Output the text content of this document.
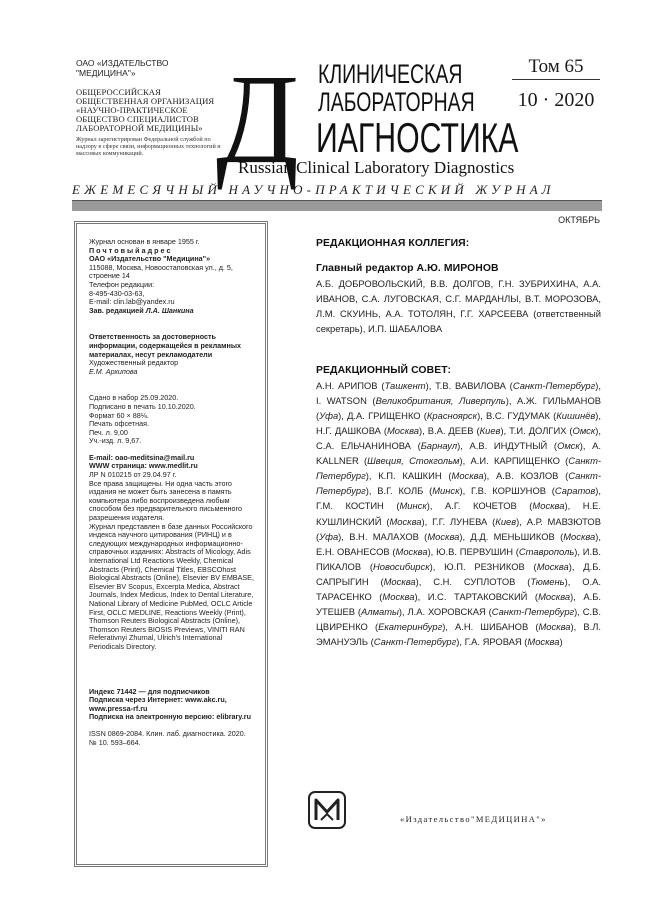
ОАО «ИЗДАТЕЛЬСТВО "МЕДИЦИНА"»
ОБЩЕРОССИЙСКАЯ ОБЩЕСТВЕННАЯ ОРГАНИЗАЦИЯ «НАУЧНО-ПРАКТИЧЕСКОЕ ОБЩЕСТВО СПЕЦИАЛИСТОВ ЛАБОРАТОРНОЙ МЕДИЦИНЫ»
Журнал зарегистрирован Федеральной службой по надзору в сфере связи, информационных технологий и массовых коммуникаций. Д КЛИНИЧЕСКАЯ
ЛАБОРАТОРНАЯ
ИАГНОСТИКА
Russian Clinical Laboratory Diagnostics
Том 65
10 · 2020
ЕЖЕМЕСЯЧНЫЙ НАУЧНО-ПРАКТИЧЕСКИЙ ЖУРНАЛ
ОКТЯБРЬ
Журнал основан в январе 1955 г.
П о ч т о в ы й а д р е с
ОАО «Издательство "Медицина"»
115088, Москва, Новоостаповская ул., д. 5, строение 14
Телефон редакции:
8-495-430-03-63,
E-mail: clin.lab@yandex.ru
Зав. редакцией Л.А. Шанкина
Ответственность за достоверность информации, содержащейся в рекламных материалах, несут рекламодатели
Художественный редактор
Е.М. Архипова
Сдано в набор 25.09.2020.
Подписано в печать 10.10.2020.
Формат 60 × 88⅛.
Печать офсетная.
Печ. л. 9,00
Уч.-изд. л. 9,67.
E-mail: oao-meditsina@mail.ru
WWW страница: www.medlit.ru
ЛР N 010215 от 29.04.97 г.
Все права защищены. Ни одна часть этого издания не может быть занесена в память компьютера либо воспроизведена любым способом без предварительного письменного разрешения издателя.
Журнал представлен в базе данных Российского индекса научного цитирования (РИНЦ) и в следующих международных информационно-справочных изданиях: Abstracts of Micology, Adis International Ltd Reactions Weekly, Chemical Abstracts (Print), Chemical Titles, EBSCOhost Biological Abstracts (Online), Elsevier BV EMBASE, Elsevier BV Scopus, Excerpta Medica, Abstract Journals, Index Medicus, Index to Dental Literature, National Library of Medicine PubMed, OCLC Article First, OCLC MEDLINE, Reactions Weekly (Print), Thomson Reuters Biological Abstracts (Online), Thomson Reuters BIOSIS Previews, VINITI RAN Referativnyi Zhurnal, Ulrich's International Periodicals Directory.
Индекс 71442 — для подписчиков
Подписка через Интернет: www.akc.ru, www.pressa-rf.ru
Подписка на электронную версию: elibrary.ru
ISSN 0869-2084. Клин. лаб. диагностика. 2020. № 10. 593–664.
РЕДАКЦИОННАЯ КОЛЛЕГИЯ:
Главный редактор А.Ю. МИРОНОВ
А.Б. ДОБРОВОЛЬСКИЙ, В.В. ДОЛГОВ, Г.Н. ЗУБРИХИНА, А.А. ИВАНОВ, С.А. ЛУГОВСКАЯ, С.Г. МАРДАНЛЫ, В.Т. МОРОЗОВА, Л.М. СКУИНЬ, А.А. ТОТОЛЯН, Г.Г. ХАРСЕЕВА (ответственный секретарь), И.П. ШАБАЛОВА
РЕДАКЦИОННЫЙ СОВЕТ:
А.Н. АРИПОВ (Ташкент), Т.В. ВАВИЛОВА (Санкт-Петербург), I. WATSON (Великобритания, Ливерпуль), А.Ж. ГИЛЬМАНОВ (Уфа), Д.А. ГРИЩЕНКО (Красноярск), В.С. ГУДУМАК (Кишинёв), Н.Г. ДАШКОВА (Москва), В.А. ДЕЕВ (Киев), Т.И. ДОЛГИХ (Омск), С.А. ЕЛЬЧАНИНОВА (Барнаул), А.В. ИНДУТНЫЙ (Омск), A. KALLNER (Швеция, Стокгольм), А.И. КАРПИЩЕНКО (Санкт-Петербург), К.П. КАШКИН (Москва), А.В. КОЗЛОВ (Санкт-Петербург), В.Г. КОЛБ (Минск), Г.В. КОРШУНОВ (Саратов), Г.М. КОСТИН (Минск), А.Г. КОЧЕТОВ (Москва), Н.Е. КУШЛИНСКИЙ (Москва), Г.Г. ЛУНЕВА (Киев), А.Р. МАВЗЮТОВ (Уфа), В.Н. МАЛАХОВ (Москва), Д.Д. МЕНЬШИКОВ (Москва), Е.Н. ОВАНЕСОВ (Москва), Ю.В. ПЕРВУШИН (Ставрополь), И.В. ПИКАЛОВ (Новосибирск), Ю.П. РЕЗНИКОВ (Москва), Д.Б. САПРЫГИН (Москва), С.Н. СУПЛОТОВ (Тюмень), О.А. ТАРАСЕНКО (Москва), И.С. ТАРТАКОВСКИЙ (Москва), А.Б. УТЕШЕВ (Алматы), Л.А. ХОРОВСКАЯ (Санкт-Петербург), С.В. ЦВИРЕНКО (Екатеринбург), А.Н. ШИБАНОВ (Москва), В.Л. ЭМАНУЭЛЬ (Санкт-Петербург), Г.А. ЯРОВАЯ (Москва)
«Издательство"МЕДИЦИНА"»
